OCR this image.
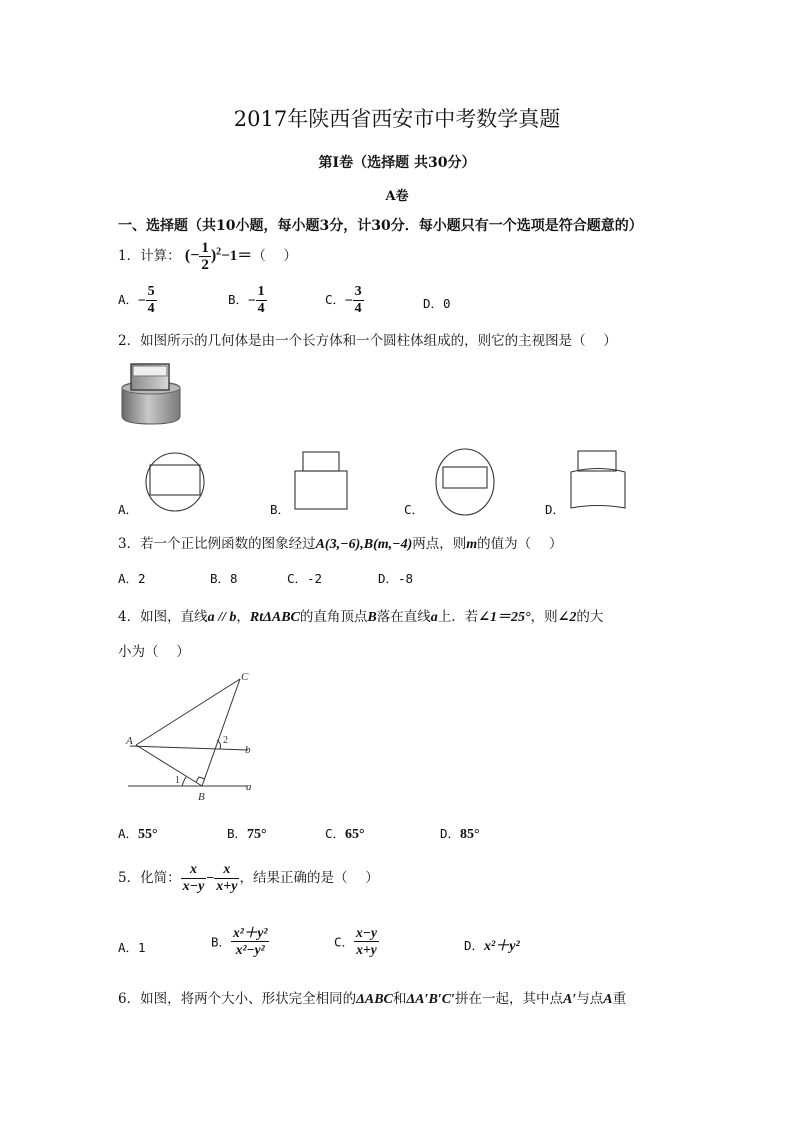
2017年陕西省西安市中考数学真题
第Ⅰ卷（选择题 共30分）
A卷
一、选择题（共10小题，每小题3分，计30分．每小题只有一个选项是符合题意的）
1．计算： (− $\frac{1}{2} )^2-1=$（　 ）
A．− $\frac{5}{4}$	B．− $\frac{1}{4}$	C．− $\frac{3}{4}$	D．0
2．如图所示的几何体是由一个长方体和一个圆柱体组成的，则它的主视图是（　 ）
A．	B．	C．	D．
3．若一个正比例函数的图象经过A(3,−6),B(m,−4)两点，则m的值为（　 ）
A．2	B．8	C．-2	D．-8
4．如图，直线a // b，RtΔABC的直角顶点B落在直线a上．若∠1＝25°，则∠2的大
小为（　 ）
A
B
C
a
b
1
2
A．55°	B．75°	C．65°	D．85°
5．化简： $\frac{x}{x-y} - \frac{x}{x+y}$ ，结果正确的是（　 ）
A．1	B． $\frac{\text{x²＋y²}}{\text{x²−y²}}$	C． $\frac{x-y}{x+y}$	D．x²＋y²
6．如图，将两个大小、形状完全相同的ΔABC和ΔA′B′C′拼在一起，其中点A′与点A重
